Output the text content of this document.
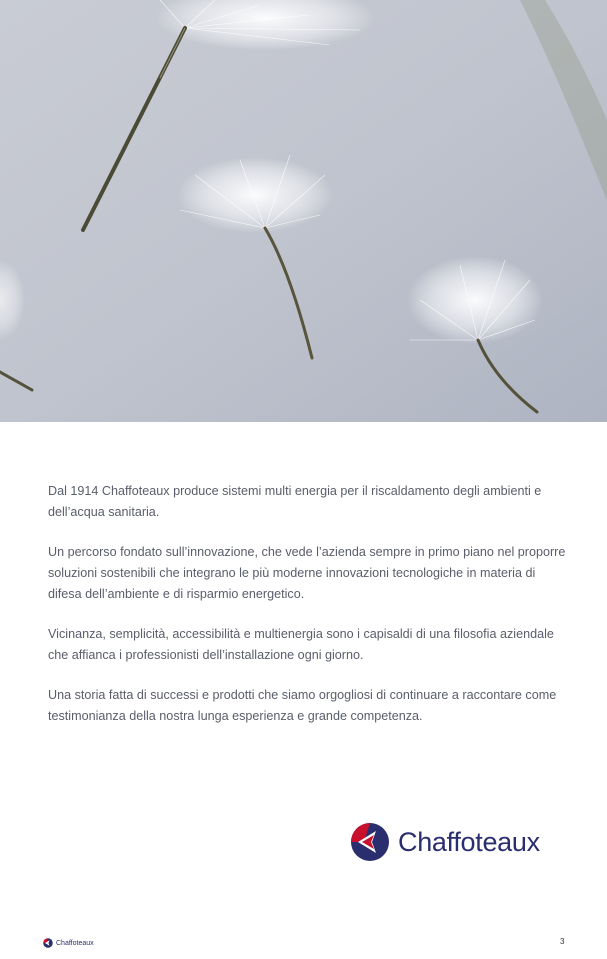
Dal 1914 Chaffoteaux produce sistemi multi energia per il riscaldamento degli ambienti e dell’acqua sanitaria.

Un percorso fondato sull’innovazione, che vede l’azienda sempre in primo piano nel proporre soluzioni sostenibili che integrano le più moderne innovazioni tecnologiche in materia di difesa dell’ambiente e di risparmio energetico.

Vicinanza, semplicità, accessibilità e multienergia sono i capisaldi di una filosofia aziendale che affianca i professionisti dell’installazione ogni giorno.

Una storia fatta di successi e prodotti che siamo orgogliosi di continuare a raccontare come testimonianza della nostra lunga esperienza e grande competenza.

Chaffoteaux
Chaffoteaux	3
